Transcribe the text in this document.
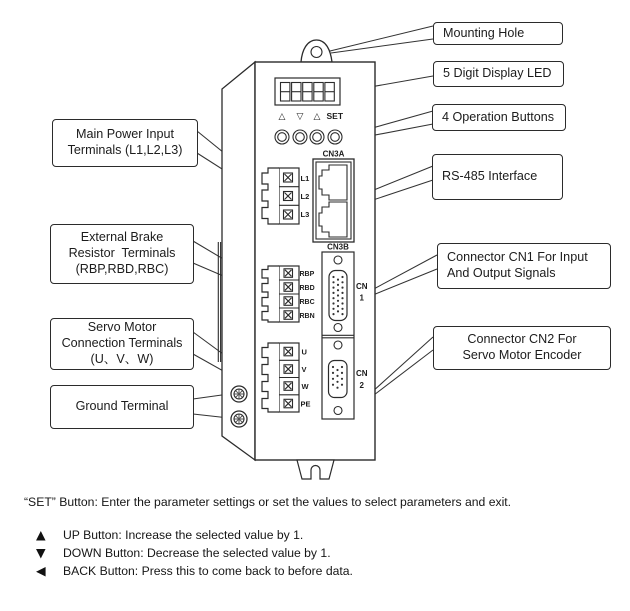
△ ▽ △ SET
CN3A
L1
L2
L3
CN3B
CN
1
CN
2
RBP
RBD
RBC
RBN
U
V
W
PE
Mounting Hole
5 Digit Display LED
4 Operation Buttons
RS-485 Interface
Connector CN1 For Input
And Output Signals
Connector CN2 For
Servo Motor Encoder
Main Power Input
Terminals (L1,L2,L3)
External Brake
Resistor  Terminals
(RBP,RBD,RBC)
Servo Motor
Connection Terminals
(U、V、W)
Ground Terminal
“SET” Button: Enter the parameter settings or set the values to select parameters and exit.
▲	UP Button: Increase the selected value by 1.
▼	DOWN Button: Decrease the selected value by 1.
◀	BACK Button: Press this to come back to before data.
